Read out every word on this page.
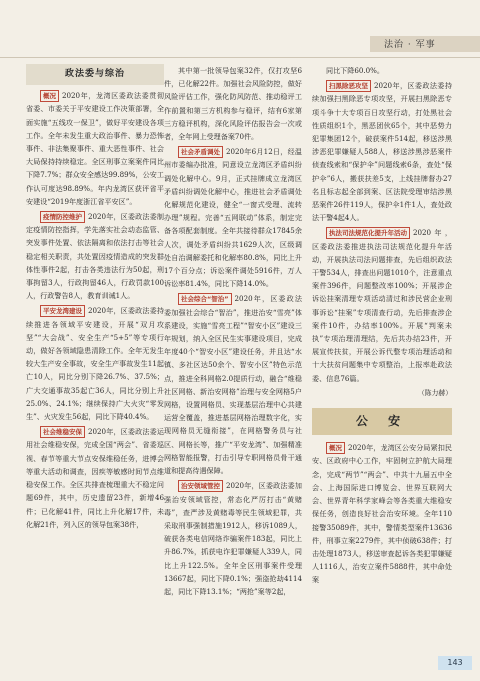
法治 · 军事
政法委与综治

概况 2020年，龙湾区委政法委贯彻省委、市委关于平安建设工作决策部署，全面实施“五线攻一保卫”，做好平安建设各项工作。全年未发生重大政治事件、暴力恐怖事件、非法集聚事件、重大恶性事件、社会大局保持持续稳定。全区刑事立案案件同比下降7.7%；群众安全感达99.89%，公安工作认可度达98.89%。年内龙湾区获评省平安建设“2019年度浙江省平安区”。

疫情防控维护 2020年，区委政法委制定疫情防控指挥，学先落实社会动态监管、突发事件处置、依法隔离和依法打击等社会稳定相关职责，共处置因疫情造成的突发群体性事件2起，打击各类违法行为50起，刑事拘留3人，行政拘留46人，行政罚款100人，行政警告8人，教育训诫1人。

平安龙湾建设 2020年，区委政法委持续推进各领域平安建设，开展“双月攻坚”“大会战”、安全生产“5+5”等专项行动，做好各领域隐患清除工作。全年无发生较大生产安全事故，安全生产事故发生11起亡10人，同比分别下降26.7%、37.5%；广大交通事故35起亡36人，同比分别上升25.0%、24.1%；继续保持广大火灾“零发生”、火灾发生56起，同比下降40.4%。

社会维稳安保 2020年，区委政法委运用社会维稳安保，完成全国“两会”、省委巡视、春节等重大节点安保维稳任务，进博会等重大活动和调查，因疾等敏感时间节点维稳安保工作。全区共排查梳理重大不稳定问题69件，其中，历史遗留23件，新增46件；已化解41件，同比上升化解17件，未化解21件，列入区的领导包案38件，

其中第一批领导包案32件，仅打攻坚6件，已化解22件。加强社会风险防控，做好风险评估工作，强化防风防范、推动稳评工作前置和第三方机构参与稳评，结有6家第三方稳评机构，深化风险评估报告会一次或者，全年网上受理备案70件。

社会矛盾调处 2020年6月12日，经温州市委编办批准，同意设立龙湾区矛盾纠纷调处化解中心。9月，正式挂牌成立龙湾区矛盾纠纷调处化解中心，推进社会矛盾调处化解规范化建设，健全“一窗式受理、流转办理”规程。完善“五网联动”体系，制定完备各项配套制度。全年共接待群众17845余人次，调处矛盾纠纷共1629人次，区级调处自治调解委托和化解率80.8%，同比上升17个百分点；诉讼案件调处5916件，万人诉讼率81.4%，同比下降14.0%。

社会综合“智治” 2020年，区委政法委加强社会综合“智治”，推进治安“雪亮”体系建设，实施“雪亮工程”“智安小区”建设三年规划，纳入全区民生实事建设项目，完成年度40个“智安小区”建设任务，并且达“水镇、多社区达50余个、智安小区”特色示范点，推进全科网格2.0提质行动，融合“维稳社区网格、新治安网格”治理与安全网格5户网格，设置网格员、实现基层治理中心共建运营全覆盖，推进基层网格治理数字化，实现网格员无缝衔接”，在网格警务员与社区、网格长等，推广“平安龙湾”、加强精准网格智能报警，打击引导专职网格员骨干通道和提高待遇保障。

治安领域管控 2020年，区委政法委加强治安领域管控，常态化严厉打击“黄赌毒”，查严涉及黄赌毒等民生领域犯罪，共采取刑事强制措施1912人，移诉1089人，破获各类电信网络诈骗案件183起，同比上升86.7%，抓获电诈犯罪嫌疑人339人，同比上升122.5%。全年全区刑事案件受理13667起，同比下降0.1%；强盗抢劫4114起，同比下降13.1%；“两抢”案等2起，

同比下降60.0%。

扫黑除恶攻坚 2020年，区委政法委持续加强扫黑除恶专项攻坚，开展扫黑除恶专项斗争十大专项百日攻坚行动，打处黑社会性质组织1个，黑恶团伙65个，其中恶势力犯罪集团12个，破获案件514起，移送涉黑涉恶犯罪嫌疑人588人，移送涉黑涉恶案件侦查线索和“保护伞”问题线索6条，查处“保护伞”6人，搬获扶差5支，上线挂牌督办27名且标志起全部到案、区法院受理审结涉黑恶案件26件119人，保护伞1件1人，查处政法干警4起4人。

执法司法规范化提升年活动 2020年，区委政法委推进执法司法规范化提升年活动，开展执法司法问题排查，先后组织政法干警534人，排查出问题1010个，注意重点案件396件，问题整改率100%；开展涉企诉讼挂案清理专项活动清过和涉民营企业刑事诉讼“挂案”专项清查行动，先后排查涉企案件10件，办结率100%。开展“判案未执”专项治理清理结，先后共办结23件，开展宣传扶贫，开展公诉代整专项治理活动和十大扶贫问题集中专项整治，上报率赴政法委、信息76篇。

（陈力赫）
公 安

概况 2020年，龙湾区公安分局紧扣民安、区政府中心工作，牢固树立护航大局理念，完成“两节”“两会”、中共十九届五中全会、上海国际进口博览会、世界互联网大会、世界青年科学家峰会等各类重大维稳安保任务，创造良好社会治安环境。全年110接警35089件，其中，警情类型案件13636件，刑事立案2279件，其中侦破638件；打击处理1873人，移送审查起诉各类犯罪嫌疑人1116人，治安立案件5888件，其中命处案

143
